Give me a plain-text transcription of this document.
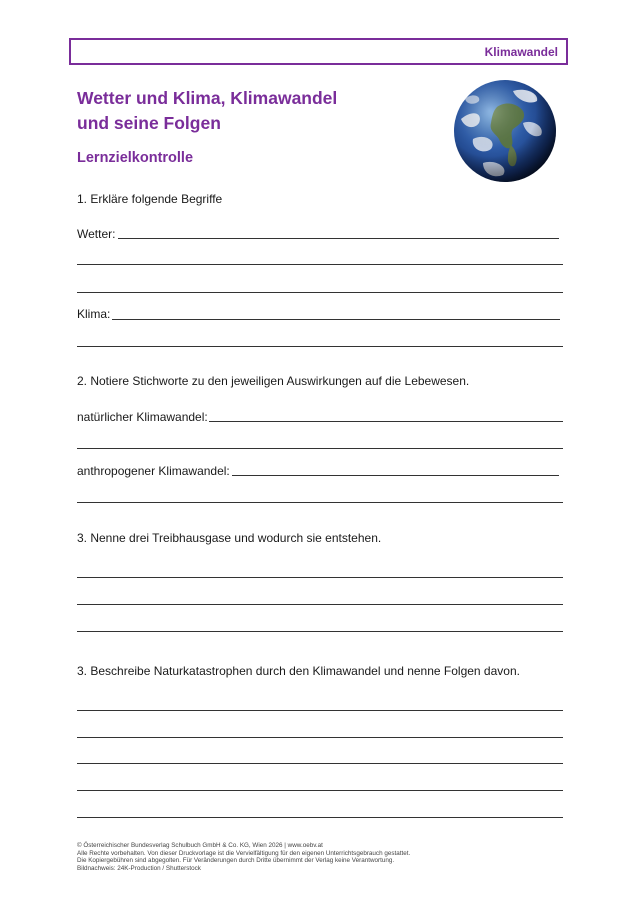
Klimawandel
Wetter und Klima, Klimawandel
und seine Folgen
Lernzielkontrolle
1. Erkläre folgende Begriffe
Wetter:
Klima:
2. Notiere Stichworte zu den jeweiligen Auswirkungen auf die Lebewesen.
natürlicher Klimawandel:
anthropogener Klimawandel:
3. Nenne drei Treibhausgase und wodurch sie entstehen.
3. Beschreibe Naturkatastrophen durch den Klimawandel und nenne Folgen davon.
© Österreichischer Bundesverlag Schulbuch GmbH & Co. KG, Wien 2026 | www.oebv.at
Alle Rechte vorbehalten. Von dieser Druckvorlage ist die Vervielfältigung für den eigenen Unterrichtsgebrauch gestattet.
Die Kopiergebühren sind abgegolten. Für Veränderungen durch Dritte übernimmt der Verlag keine Verantwortung.
Bildnachweis: 24K-Production / Shutterstock
